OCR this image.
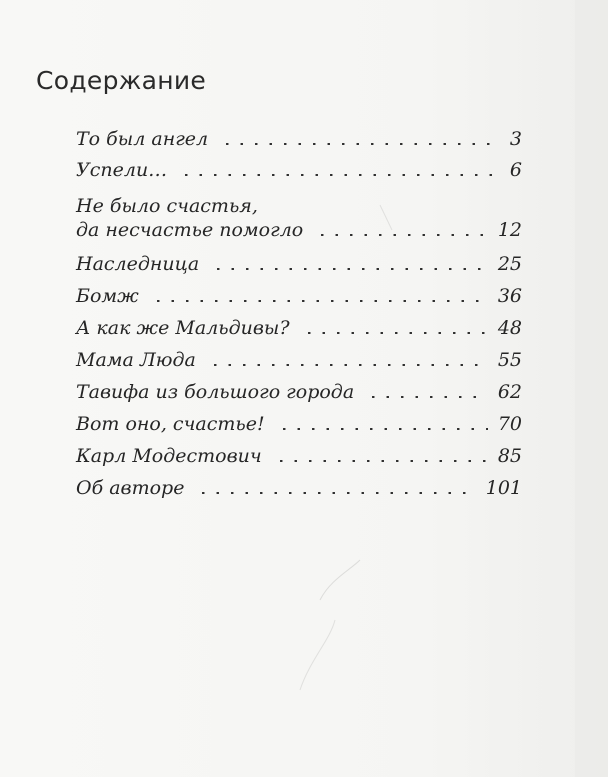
Содержание
То был ангел	3
Успели…	6
Не было счастья,
да несчастье помогло	12
Наследница	25
Бомж	36
А как же Мальдивы?	48
Мама Люда	55
Тавифа из большого города	62
Вот оно, счастье!	70
Карл Модестович	85
Об авторе	101
